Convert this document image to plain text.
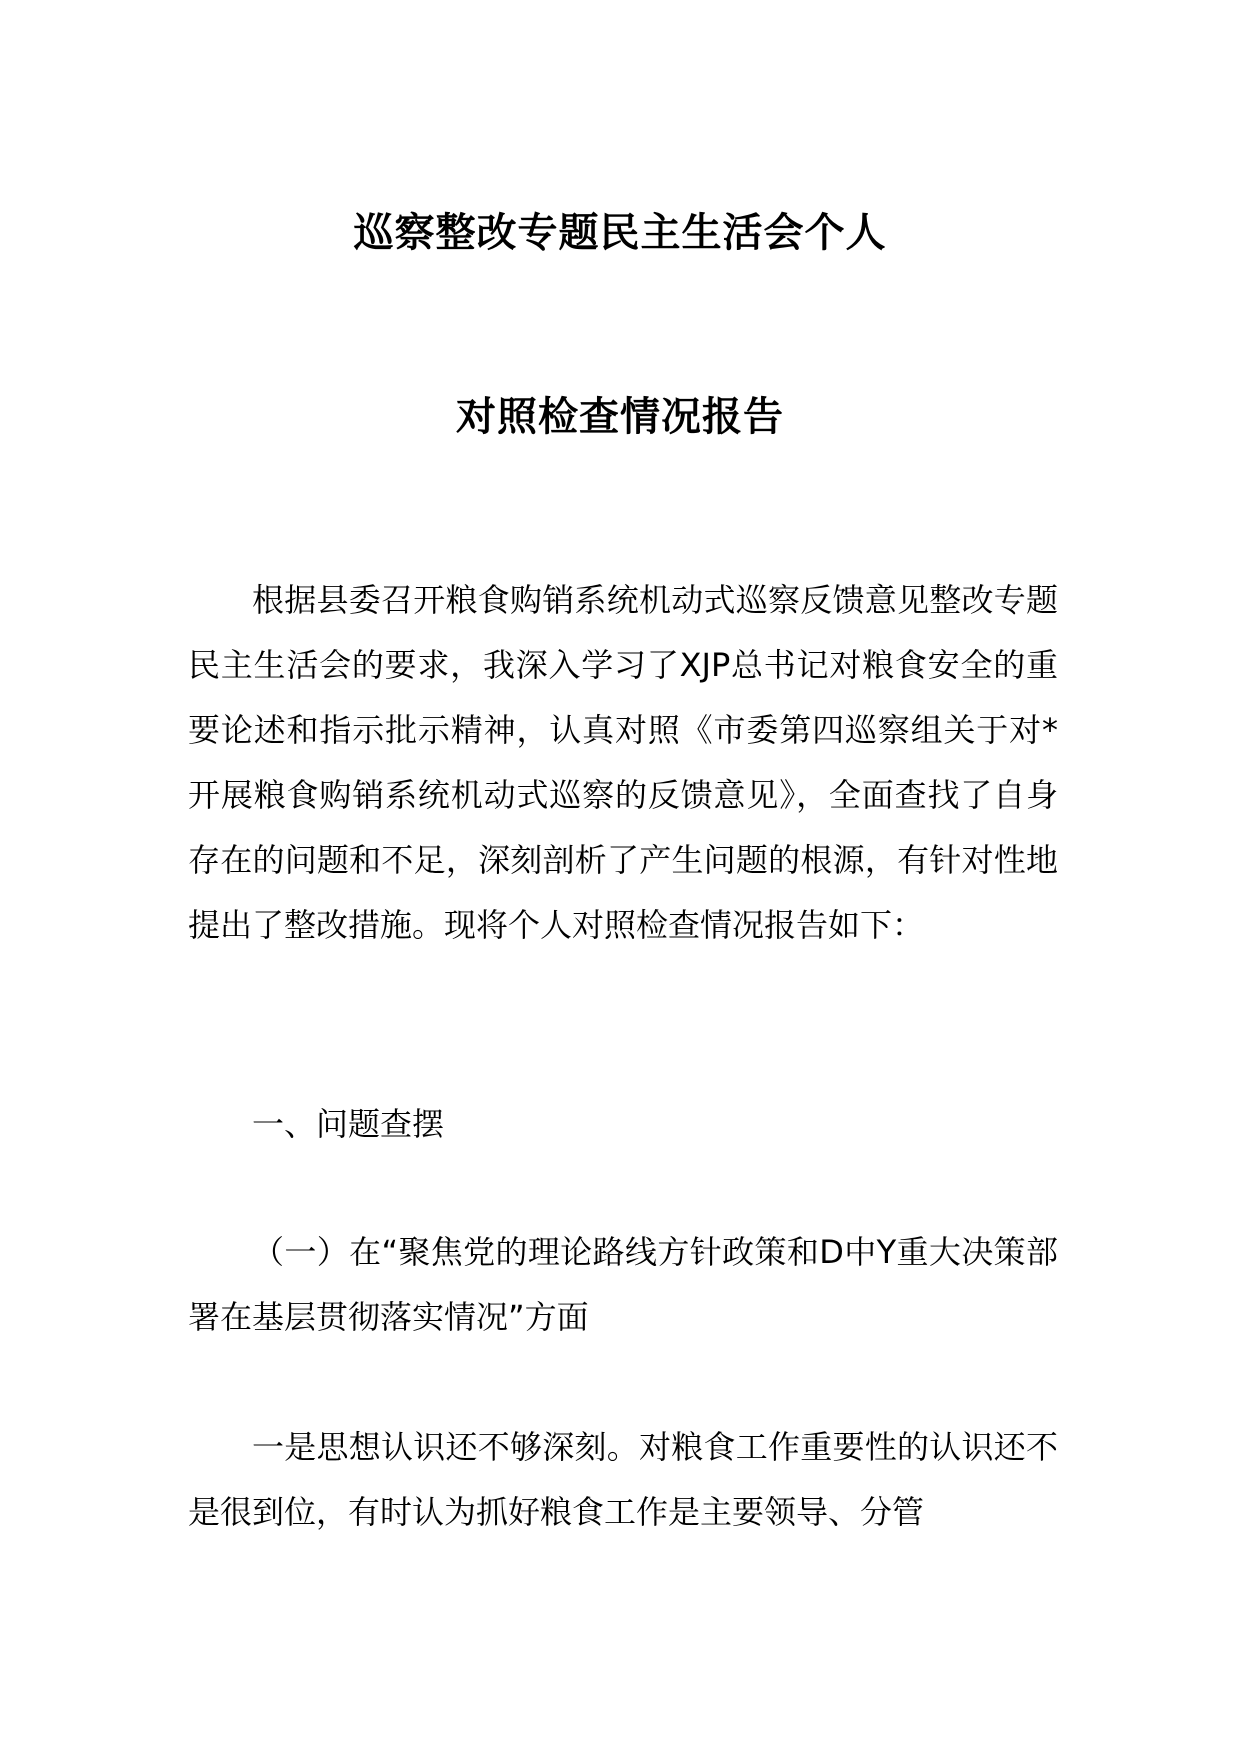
巡察整改专题民主生活会个人
对照检查情况报告

根据县委召开粮食购销系统机动式巡察反馈意见整改专题民主生活会的要求，我深入学习了XJP总书记对粮食安全的重要论述和指示批示精神，认真对照《市委第四巡察组关于对*开展粮食购销系统机动式巡察的反馈意见》，全面查找了自身存在的问题和不足，深刻剖析了产生问题的根源，有针对性地提出了整改措施。现将个人对照检查情况报告如下：

一、问题查摆

（一）在“聚焦党的理论路线方针政策和D中Y重大决策部署在基层贯彻落实情况”方面

一是思想认识还不够深刻。对粮食工作重要性的认识还不是很到位，有时认为抓好粮食工作是主要领导、分管
